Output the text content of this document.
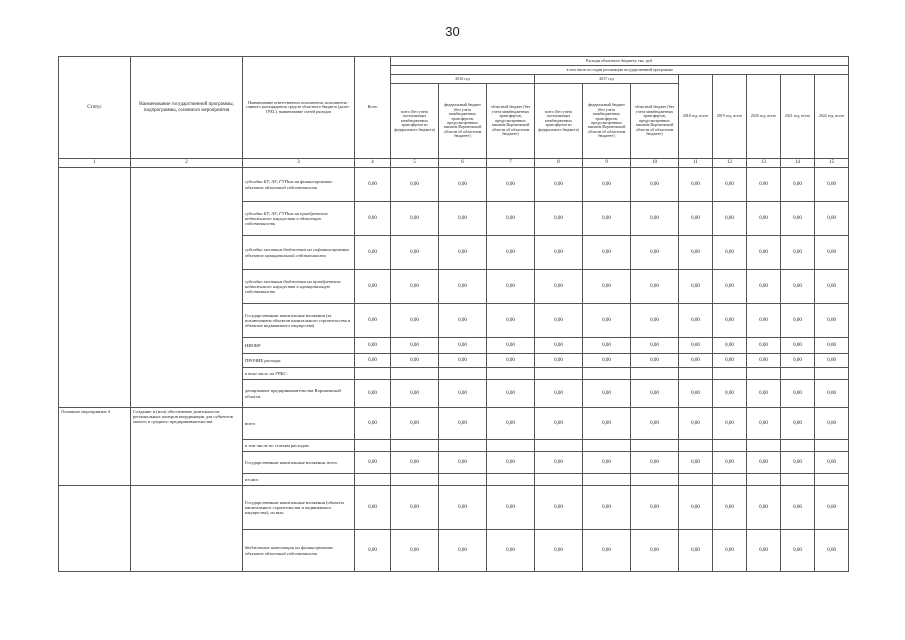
30
Статус	Наименование государственной программы, подпрограммы, основного мероприятия	Наименование ответственного исполнителя, исполнителя - главного распорядителя средств областного бюджета (далее - ГРБС), наименование статей расходов	Всего	Расходы областного бюджета, тыс. руб.										
				в том числе по годам реализации государственной программы										
				2016 год			2017 год			2018 год, всего	2019 год, всего	2020 год, всего	2021 год, всего	2022 год, всего
				всего (без учета поступающих межбюджетных трансфертов из федерального бюджета)	федеральный бюджет (без учета межбюджетных трансфертов, предусмотренных законом Воронежской области об областном бюджете)	областной бюджет (без учета межбюджетных трансфертов, предусмотренных законом Воронежской области об областном бюджете)	всего (без учета поступающих межбюджетных трансфертов из федерального бюджета)	федеральный бюджет (без учета межбюджетных трансфертов, предусмотренных законом Воронежской области об областном бюджете)	областной бюджет (без учета межбюджетных трансфертов, предусмотренных законом Воронежской области об областном бюджете)					
1	2	3	4	5	6	7	8	9	10	11	12	13	14	15
		субсидии БУ, АУ, ГУПам на финансирование объектов областной собственности	0,00	0,00	0,00	0,00	0,00	0,00	0,00	0,00	0,00	0,00	0,00	0,00
		субсидии БУ, АУ, ГУПам на приобретение недвижимого имущества в областную собственность	0,00	0,00	0,00	0,00	0,00	0,00	0,00	0,00	0,00	0,00	0,00	0,00
		субсидии местным бюджетам на софинансирование объектов муниципальной собственности	0,00	0,00	0,00	0,00	0,00	0,00	0,00	0,00	0,00	0,00	0,00	0,00
		субсидии местным бюджетам на приобретение недвижимого имущества в муниципальную собственность	0,00	0,00	0,00	0,00	0,00	0,00	0,00	0,00	0,00	0,00	0,00	0,00
		Государственные капитальные вложения (за исключением объектов капитального строительства и объектов недвижимого имущества)	0,00	0,00	0,00	0,00	0,00	0,00	0,00	0,00	0,00	0,00	0,00	0,00
		НИОКР	0,00	0,00	0,00	0,00	0,00	0,00	0,00	0,00	0,00	0,00	0,00	0,00
		ПРОЧИЕ расходы	0,00	0,00	0,00	0,00	0,00	0,00	0,00	0,00	0,00	0,00	0,00	0,00
		в том числе по ГРБС:												
		департамент предпринимательства Воронежской области	0,00	0,00	0,00	0,00	0,00	0,00	0,00	0,00	0,00	0,00	0,00	0,00
Основное мероприятие 4	Создание и (или) обеспечение деятельности региональных центров координации для субъектов малого и среднего предпринимательства	всего	0,00	0,00	0,00	0,00	0,00	0,00	0,00	0,00	0,00	0,00	0,00	0,00
		в том числе по статьям расходов:												
		Государственные капитальные вложения, всего	0,00	0,00	0,00	0,00	0,00	0,00	0,00	0,00	0,00	0,00	0,00	0,00
		из них:												
		Государственные капитальные вложения (объекты капитального строительства и недвижимого имущества), из них:	0,00	0,00	0,00	0,00	0,00	0,00	0,00	0,00	0,00	0,00	0,00	0,00
		бюджетные инвестиции на финансирование объектов областной собственности	0,00	0,00	0,00	0,00	0,00	0,00	0,00	0,00	0,00	0,00	0,00	0,00
